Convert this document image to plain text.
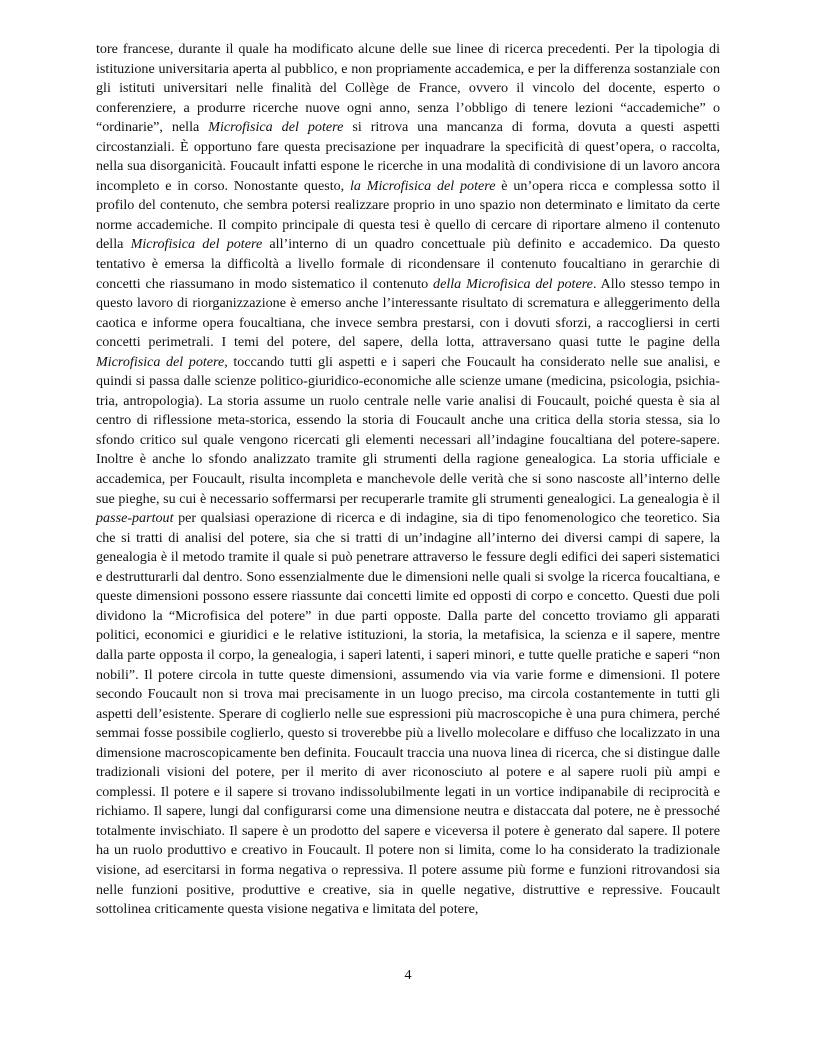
tore francese, durante il quale ha modificato alcune delle sue linee di ricerca precedenti. Per la tipologia di istituzione universitaria aperta al pubblico, e non propriamente accademica, e per la differenza sostanziale con gli istituti universitari nelle finalità del Collège de France, ovvero il vincolo del docente, esperto o conferenziere, a produrre ricerche nuove ogni anno, senza l’obbligo di tenere lezioni “accademiche” o “ordinarie”, nella Microfisica del potere si ritrova una mancanza di forma, dovuta a questi aspetti circostanziali. È opportuno fare questa precisazione per inquadrare la specificità di quest’opera, o raccolta, nella sua disorganicità. Foucault infatti espone le ricerche in una modalità di condivisione di un lavoro ancora incompleto e in corso. Nonostante questo, la Microfisica del potere è un’opera ricca e complessa sotto il profilo del contenuto, che sembra potersi realizzare proprio in uno spazio non determinato e limitato da certe norme accademiche. Il compito principale di questa tesi è quello di cercare di riportare almeno il contenuto della Microfisica del potere all’interno di un quadro concettuale più definito e accademico. Da questo tentativo è emersa la difficoltà a livello formale di ricondensare il contenuto foucaltiano in gerarchie di concetti che riassumano in modo sistematico il contenuto della Microfisica del potere. Allo stesso tempo in questo lavoro di riorganizzazione è emerso anche l’interessante risultato di scrematura e alleggerimento della caotica e informe opera foucaltiana, che invece sembra prestarsi, con i dovuti sforzi, a raccogliersi in certi concetti perimetrali. I temi del potere, del sapere, della lotta, attraversano quasi tutte le pagine della Microfisica del potere, toccando tutti gli aspetti e i saperi che Foucault ha considerato nelle sue analisi, e quindi si passa dalle scienze politico-giuridico-economiche alle scienze umane (medicina, psicologia, psichiatria, antropologia). La storia assume un ruolo centrale nelle varie analisi di Foucault, poiché questa è sia al centro di riflessione meta-storica, essendo la storia di Foucault anche una critica della storia stessa, sia lo sfondo critico sul quale vengono ricercati gli elementi necessari all’indagine foucaltiana del potere-sapere. Inoltre è anche lo sfondo analizzato tramite gli strumenti della ragione genealogica. La storia ufficiale e accademica, per Foucault, risulta incompleta e manchevole delle verità che si sono nascoste all’interno delle sue pieghe, su cui è necessario soffermarsi per recuperarle tramite gli strumenti genealogici. La genealogia è il passe-partout per qualsiasi operazione di ricerca e di indagine, sia di tipo fenomenologico che teoretico. Sia che si tratti di analisi del potere, sia che si tratti di un’indagine all’interno dei diversi campi di sapere, la genealogia è il metodo tramite il quale si può penetrare attraverso le fessure degli edifici dei saperi sistematici e destrutturarli dal dentro. Sono essenzialmente due le dimensioni nelle quali si svolge la ricerca foucaltiana, e queste dimensioni possono essere riassunte dai concetti limite ed opposti di corpo e concetto. Questi due poli dividono la “Microfisica del potere” in due parti opposte. Dalla parte del concetto troviamo gli apparati politici, economici e giuridici e le relative istituzioni, la storia, la metafisica, la scienza e il sapere, mentre dalla parte opposta il corpo, la genealogia, i saperi latenti, i saperi minori, e tutte quelle pratiche e saperi “non nobili”. Il potere circola in tutte queste dimensioni, assumendo via via varie forme e dimensioni. Il potere secondo Foucault non si trova mai precisamente in un luogo preciso, ma circola costantemente in tutti gli aspetti dell’esistente. Sperare di coglierlo nelle sue espressioni più macroscopiche è una pura chimera, perché semmai fosse possibile coglierlo, questo si troverebbe più a livello molecolare e diffuso che localizzato in una dimensione macroscopicamente ben definita. Foucault traccia una nuova linea di ricerca, che si distingue dalle tradizionali visioni del potere, per il merito di aver riconosciuto al potere e al sapere ruoli più ampi e complessi. Il potere e il sapere si trovano indissolubilmente legati in un vortice indipanabile di reciprocità e richiamo. Il sapere, lungi dal configurarsi come una dimensione neutra e distaccata dal potere, ne è pressoché totalmente invischiato. Il sapere è un prodotto del sapere e viceversa il potere è generato dal sapere. Il potere ha un ruolo produttivo e creativo in Foucault. Il potere non si limita, come lo ha considerato la tradizionale visione, ad esercitarsi in forma negativa o repressiva. Il potere assume più forme e funzioni ritrovandosi sia nelle funzioni positive, produttive e creative, sia in quelle negative, distruttive e repressive. Foucault sottolinea criticamente questa visione negativa e limitata del potere,

4
